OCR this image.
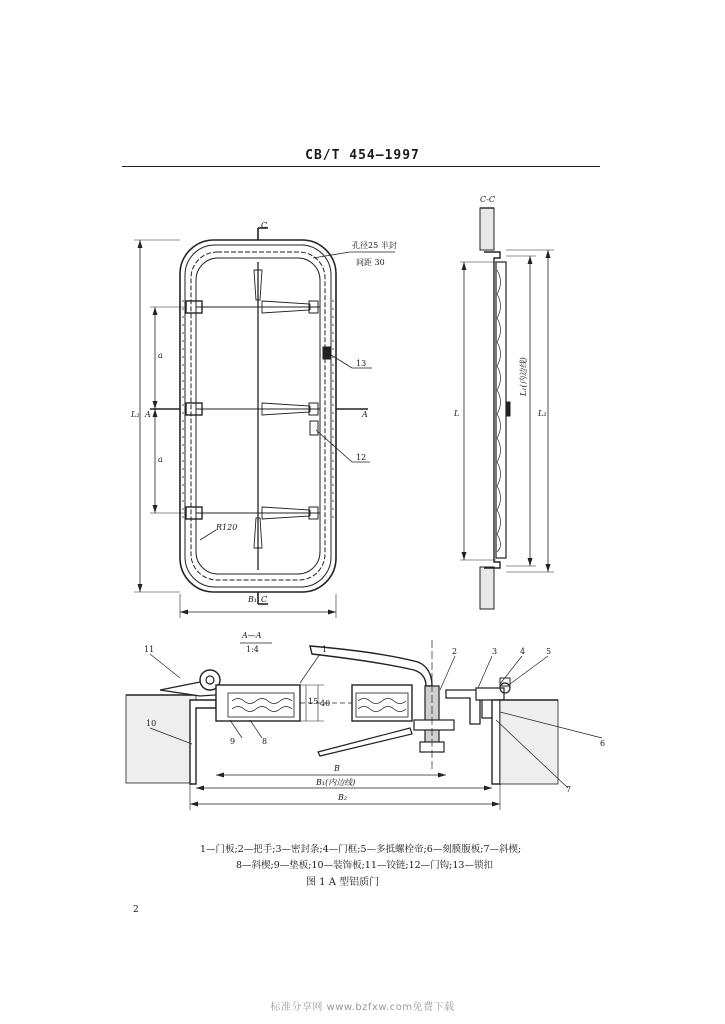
CB/T 454—1997
C
C
A	A
孔径25 半封
间距 30
13
12
R120
L₂
a
a
B₁
C-C
L
L₁(内边线)
L₂
A—A
1:4	1	2	3	4	5
6
7
9	8
10
11
15 40
B
B₁(内边线)
B₂
1—门板;2—把手;3—密封条;4—门框;5—多抵螺栓帝;6—刻膜腹板;7—斜楔;
8—斜楔;9—垫板;10—装饰板;11—铰链;12—门钩;13—锁扣
图 1 A 型铝质门
2
标准分享网 www.bzfxw.com免费下载
